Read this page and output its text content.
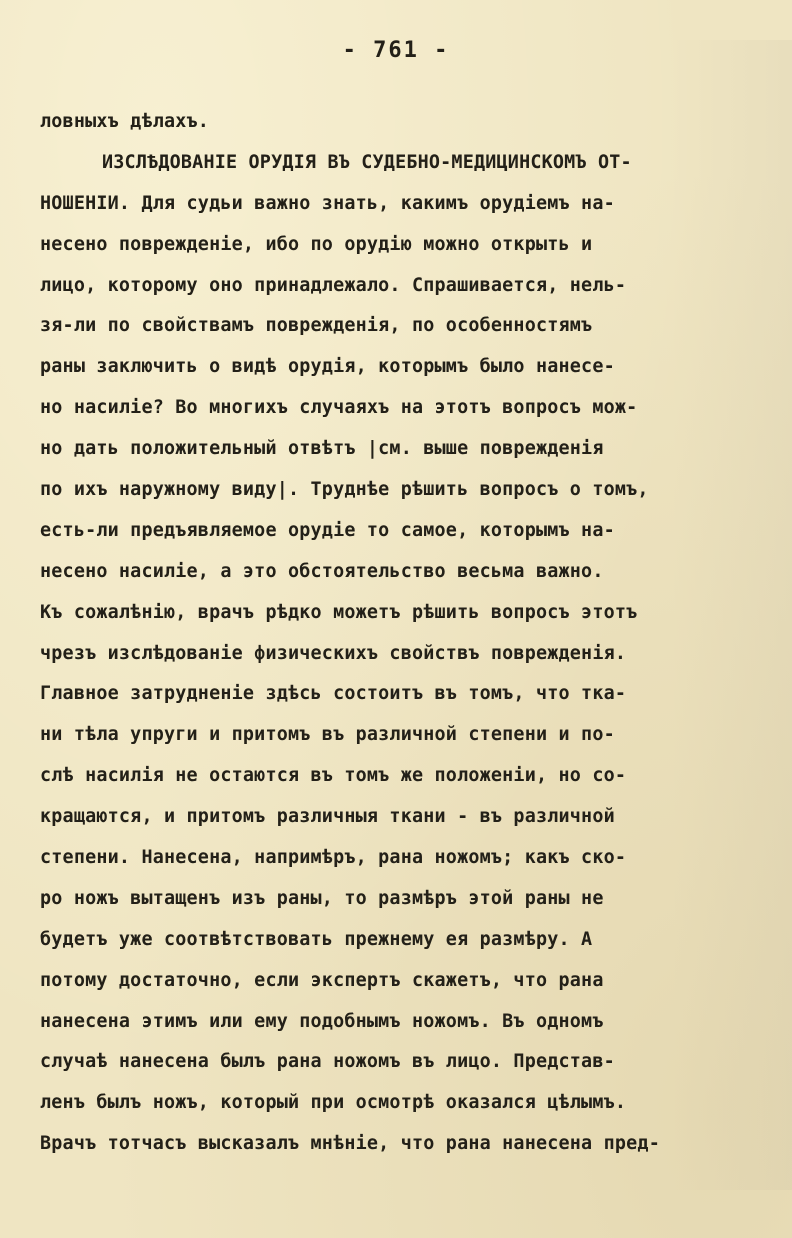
- 761 -
ловныхъ дѣлахъ.
ИЗСЛѢДОВАНІЕ ОРУДІЯ ВЪ СУДЕБНО-МЕДИЦИНСКОМЪ ОТ-
НОШЕНІИ. Для судьи важно знать, какимъ орудіемъ на-
несено поврежденіе, ибо по орудію можно открыть и
лицо, которому оно принадлежало. Спрашивается, нель-
зя-ли по свойствамъ поврежденія, по особенностямъ
раны заключить о видѣ орудія, которымъ было нанесе-
но насиліе? Во многихъ случаяхъ на этотъ вопросъ мож-
но дать положительный отвѣтъ |см. выше поврежденія
по ихъ наружному виду|. Труднѣе рѣшить вопросъ о томъ,
есть-ли предъявляемое орудіе то самое, которымъ на-
несено насиліе, а это обстоятельство весьма важно.
Къ сожалѣнію, врачъ рѣдко можетъ рѣшить вопросъ этотъ
чрезъ изслѣдованіе физическихъ свойствъ поврежденія.
Главное затрудненіе здѣсь состоитъ въ томъ, что тка-
ни тѣла упруги и притомъ въ различной степени и по-
слѣ насилія не остаются въ томъ же положеніи, но со-
кращаются, и притомъ различныя ткани - въ различной
степени. Нанесена, напримѣръ, рана ножомъ; какъ ско-
ро ножъ вытащенъ изъ раны, то размѣръ этой раны не
будетъ уже соотвѣтствовать прежнему ея размѣру. А
потому достаточно, если экспертъ скажетъ, что рана
нанесена этимъ или ему подобнымъ ножомъ. Въ одномъ
случаѣ нанесена былъ рана ножомъ въ лицо. Представ-
ленъ былъ ножъ, который при осмотрѣ оказался цѣлымъ.
Врачъ тотчасъ высказалъ мнѣніе, что рана нанесена пред-
